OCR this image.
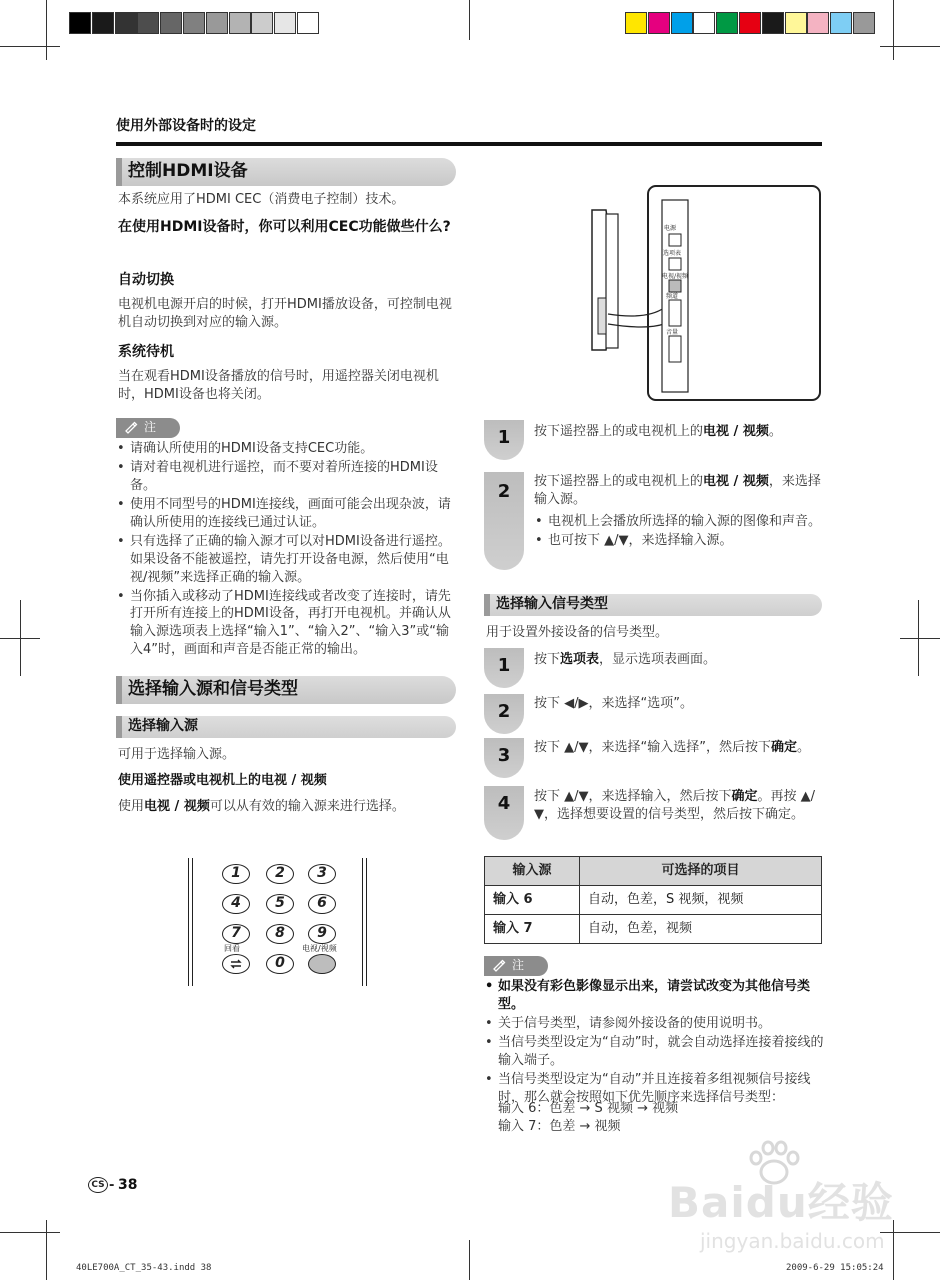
使用外部设备时的设定
控制HDMI设备
本系统应用了HDMI CEC（消费电子控制）技术。
在使用HDMI设备时，你可以利用CEC功能做些什么?
自动切换
电视机电源开启的时候，打开HDMI播放设备，可控制电视机自动切换到对应的输入源。
系统待机
当在观看HDMI设备播放的信号时，用遥控器关闭电视机时，HDMI设备也将关闭。
注
• 请确认所使用的HDMI设备支持CEC功能。
• 请对着电视机进行遥控，而不要对着所连接的HDMI设备。
• 使用不同型号的HDMI连接线，画面可能会出现杂波，请确认所使用的连接线已通过认证。
• 只有选择了正确的输入源才可以对HDMI设备进行遥控。如果设备不能被遥控，请先打开设备电源，然后使用“电视/视频”来选择正确的输入源。
• 当你插入或移动了HDMI连接线或者改变了连接时，请先打开所有连接上的HDMI设备，再打开电视机。并确认从输入源选项表上选择“输入1”、“输入2”、“输入3”或“输入4”时，画面和声音是否能正常的输出。
选择输入源和信号类型
选择输入源
可用于选择输入源。
使用遥控器或电视机上的电视 / 视频
使用电视 / 视频可以从有效的输入源来进行选择。
1	2	3
4	5	6
7	8	9
回看	电视/视频
0
电源
选项表
电视/视频
频道
音量
1	按下遥控器上的或电视机上的电视 / 视频。
2	按下遥控器上的或电视机上的电视 / 视频，来选择输入源。
• 电视机上会播放所选择的输入源的图像和声音。
• 也可按下 ▲/▼，来选择输入源。
选择输入信号类型
用于设置外接设备的信号类型。
1	按下选项表，显示选项表画面。
2	按下 ◀/▶，来选择“选项”。
3	按下 ▲/▼，来选择“输入选择”，然后按下确定。
4	按下 ▲/▼，来选择输入，然后按下确定。再按 ▲/▼，选择想要设置的信号类型，然后按下确定。
输入源	可选择的项目
输入 6	自动，色差，S 视频，视频
输入 7	自动，色差，视频
注
• 如果没有彩色影像显示出来，请尝试改变为其他信号类型。
• 关于信号类型，请参阅外接设备的使用说明书。
• 当信号类型设定为“自动”时，就会自动选择连接着接线的输入端子。
• 当信号类型设定为“自动”并且连接着多组视频信号接线时，那么就会按照如下优先顺序来选择信号类型：
输入 6：色差 → S 视频 → 视频
输入 7：色差 → 视频
CS - 38
40LE700A_CT_35-43.indd 38	2009-6-29 15:05:24
Baidu经验
jingyan.baidu.com
